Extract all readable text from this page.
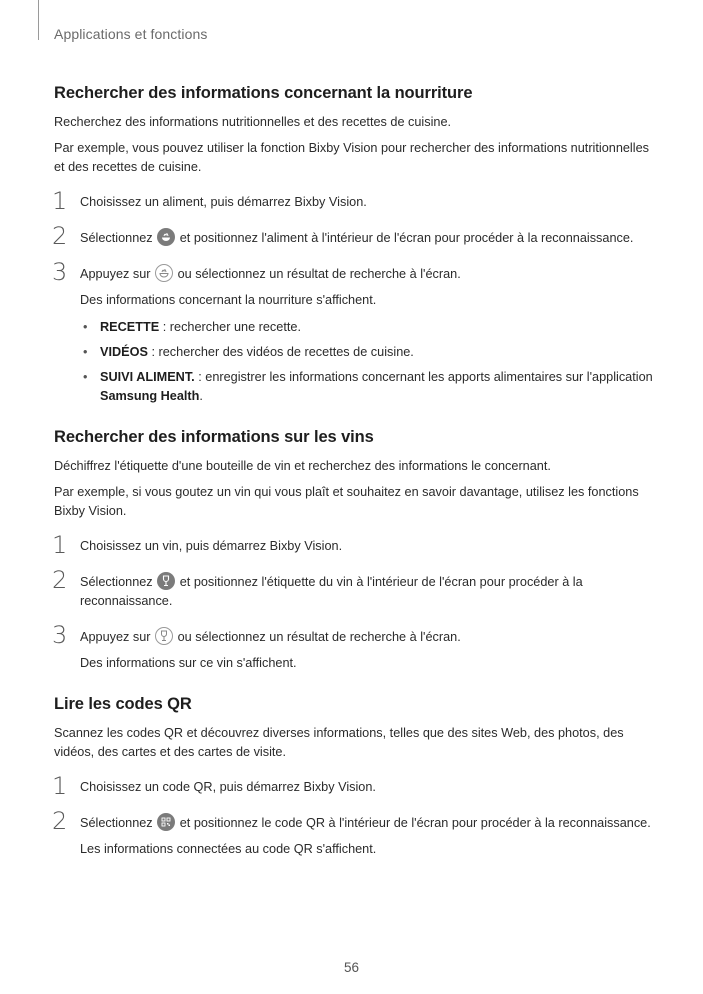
Applications et fonctions
Rechercher des informations concernant la nourriture

Recherchez des informations nutritionnelles et des recettes de cuisine.

Par exemple, vous pouvez utiliser la fonction Bixby Vision pour rechercher des informations nutritionnelles et des recettes de cuisine.

1 Choisissez un aliment, puis démarrez Bixby Vision.
2 Sélectionnez et positionnez l'aliment à l'intérieur de l'écran pour procéder à la reconnaissance.
3 Appuyez sur ou sélectionnez un résultat de recherche à l'écran.
Des informations concernant la nourriture s'affichent.
• RECETTE : rechercher une recette.
• VIDÉOS : rechercher des vidéos de recettes de cuisine.
• SUIVI ALIMENT. : enregistrer les informations concernant les apports alimentaires sur l'application Samsung Health.
Rechercher des informations sur les vins

Déchiffrez l'étiquette d'une bouteille de vin et recherchez des informations le concernant.

Par exemple, si vous goutez un vin qui vous plaît et souhaitez en savoir davantage, utilisez les fonctions Bixby Vision.

1 Choisissez un vin, puis démarrez Bixby Vision.
2 Sélectionnez et positionnez l'étiquette du vin à l'intérieur de l'écran pour procéder à la reconnaissance.
3 Appuyez sur ou sélectionnez un résultat de recherche à l'écran.
Des informations sur ce vin s'affichent.
Lire les codes QR

Scannez les codes QR et découvrez diverses informations, telles que des sites Web, des photos, des vidéos, des cartes et des cartes de visite.

1 Choisissez un code QR, puis démarrez Bixby Vision.
2 Sélectionnez et positionnez le code QR à l'intérieur de l'écran pour procéder à la reconnaissance.
Les informations connectées au code QR s'affichent.
56
